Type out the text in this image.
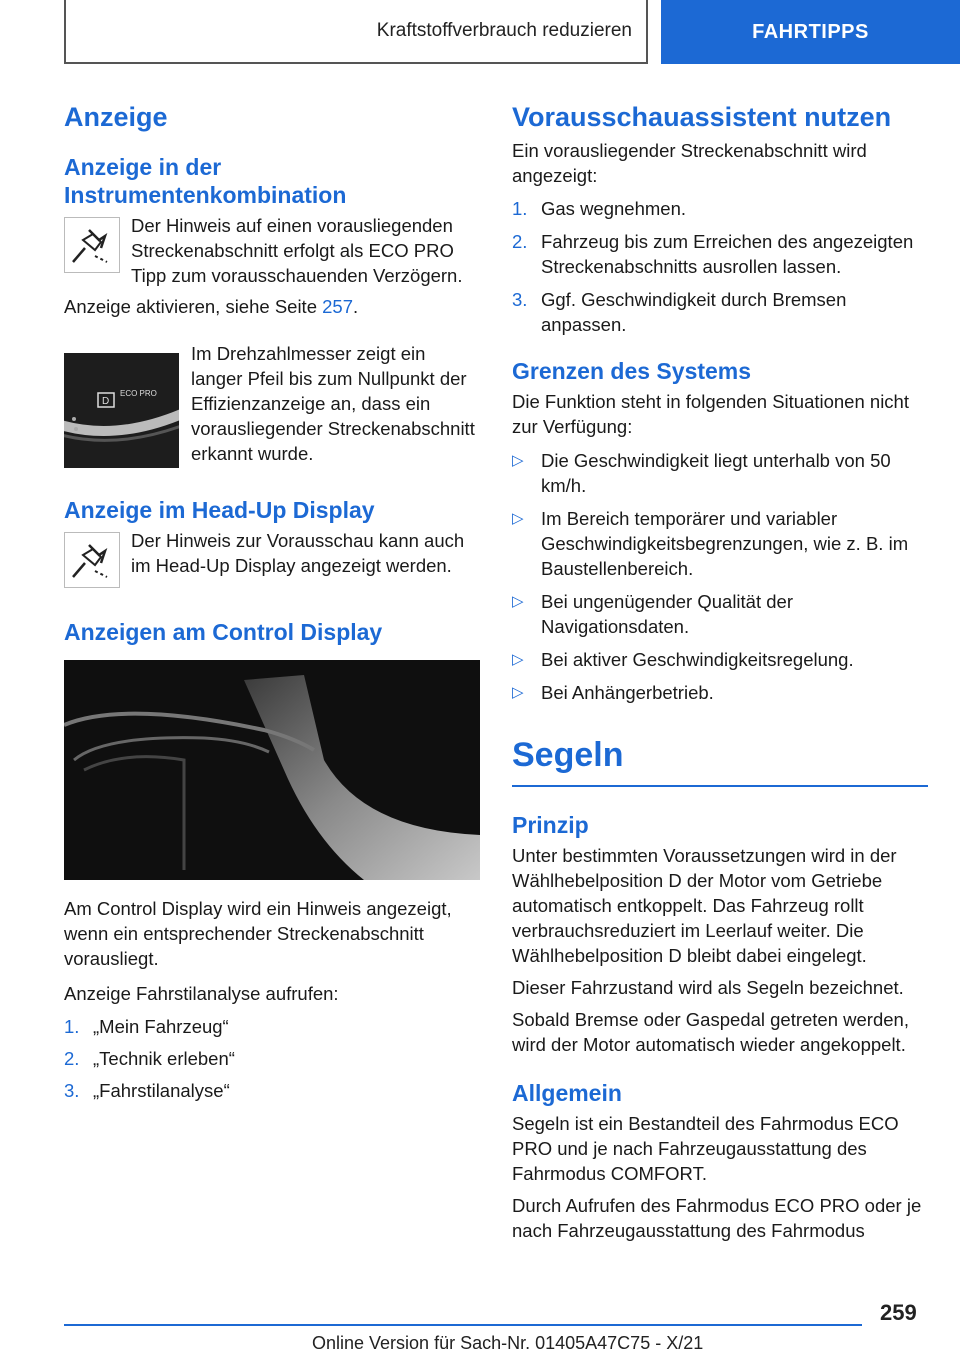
Kraftstoffverbrauch reduzieren	FAHRTIPPS
Anzeige
Anzeige in der Instrumentenkombination

Der Hinweis auf einen vorausliegenden Streckenabschnitt erfolgt als ECO PRO Tipp zum vorausschauenden Verzögern.

Anzeige aktivieren, siehe Seite 257.

D
ECO PRO

Im Drehzahlmesser zeigt ein langer Pfeil bis zum Nullpunkt der Effizienzanzeige an, dass ein vorausliegender Streckenabschnitt erkannt wurde.

Anzeige im Head-Up Display

Der Hinweis zur Vorausschau kann auch im Head-Up Display angezeigt werden.

Anzeigen am Control Display

Am Control Display wird ein Hinweis angezeigt, wenn ein entsprechender Streckenabschnitt vorausliegt.

Anzeige Fahrstilanalyse aufrufen:

1. „Mein Fahrzeug“
2. „Technik erleben“
3. „Fahrstilanalyse“
Vorausschauassistent nutzen

Ein vorausliegender Streckenabschnitt wird angezeigt:

1. Gas wegnehmen.
2. Fahrzeug bis zum Erreichen des angezeigten Streckenabschnitts ausrollen lassen.
3. Ggf. Geschwindigkeit durch Bremsen anpassen.
Grenzen des Systems

Die Funktion steht in folgenden Situationen nicht zur Verfügung:

▷ Die Geschwindigkeit liegt unterhalb von 50 km/h.
▷ Im Bereich temporärer und variabler Geschwindigkeitsbegrenzungen, wie z. B. im Baustellenbereich.
▷ Bei ungenügender Qualität der Navigationsdaten.
▷ Bei aktiver Geschwindigkeitsregelung.
▷ Bei Anhängerbetrieb.
Segeln
Prinzip

Unter bestimmten Voraussetzungen wird in der Wählhebelposition D der Motor vom Getriebe automatisch entkoppelt. Das Fahrzeug rollt verbrauchsreduziert im Leerlauf weiter. Die Wählhebelposition D bleibt dabei eingelegt.

Dieser Fahrzustand wird als Segeln bezeichnet.

Sobald Bremse oder Gaspedal getreten werden, wird der Motor automatisch wieder angekoppelt.

Allgemein

Segeln ist ein Bestandteil des Fahrmodus ECO PRO und je nach Fahrzeugausstattung des Fahrmodus COMFORT.

Durch Aufrufen des Fahrmodus ECO PRO oder je nach Fahrzeugausstattung des Fahrmodus

259
Online Version für Sach-Nr. 01405A47C75 - X/21
